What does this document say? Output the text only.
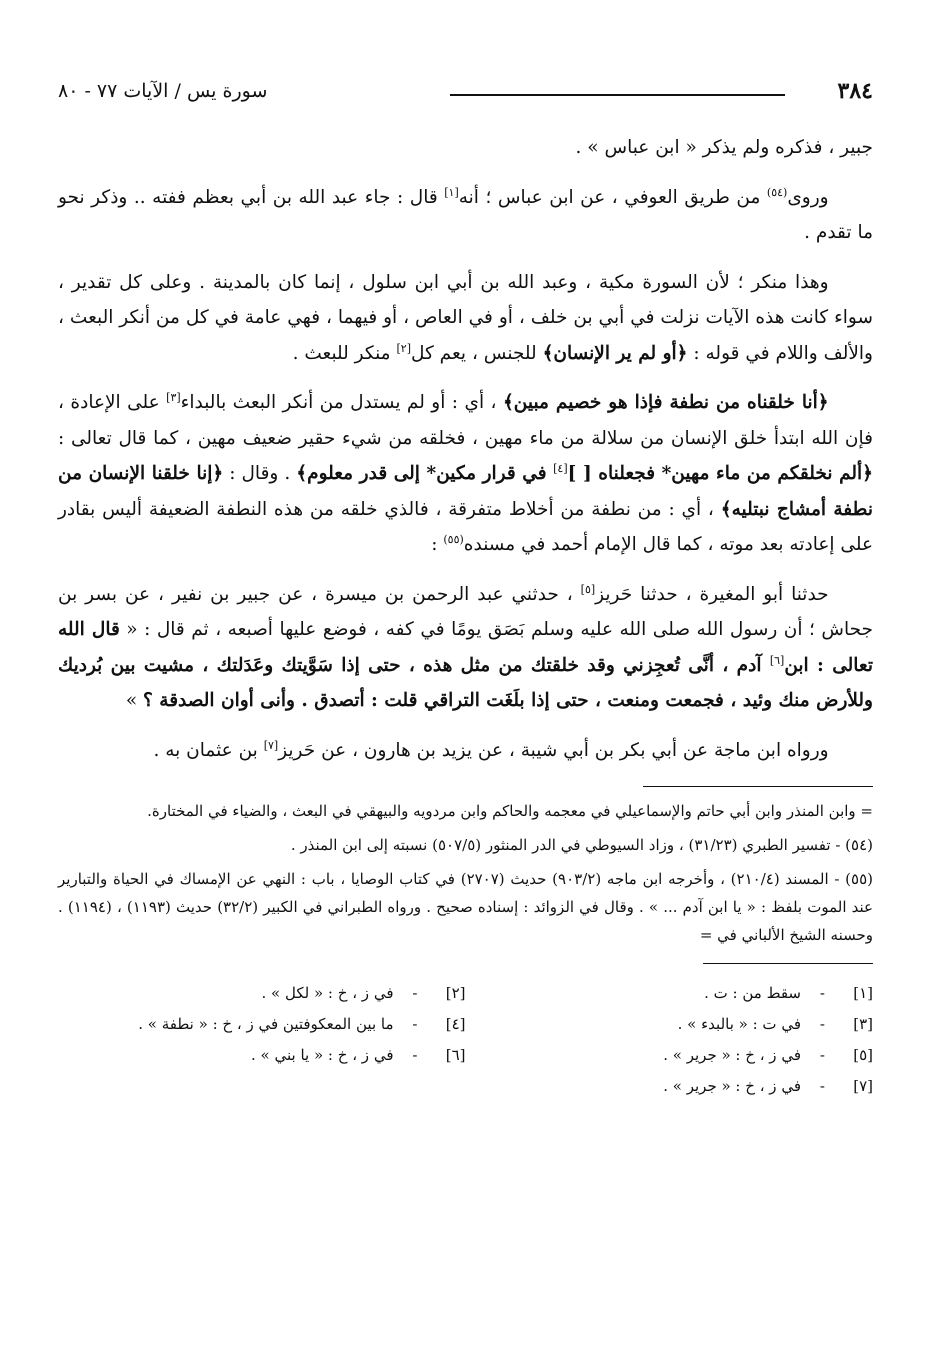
٣٨٤
سورة يس / الآيات ٧٧ - ٨٠

جبير ، فذكره ولم يذكر « ابن عباس » .

وروى$^{(٥٤)}$ من طريق العوفي ، عن ابن عباس ؛ أنه[١] قال : جاء عبد الله بن أبي بعظم ففته .. وذكر نحو ما تقدم .

وهذا منكر ؛ لأن السورة مكية ، وعبد الله بن أبي ابن سلول ، إنما كان بالمدينة . وعلى كل تقدير ، سواء كانت هذه الآيات نزلت في أبي بن خلف ، أو في العاص ، أو فيهما ، فهي عامة في كل من أنكر البعث ، والألف واللام في قوله : ﴿أو لم ير الإنسان﴾ للجنس ، يعم كل[٢] منكر للبعث .

﴿أنا خلقناه من نطفة فإذا هو خصيم مبين﴾ ، أي : أو لم يستدل من أنكر البعث بالبداء[٣] على الإعادة ، فإن الله ابتدأ خلق الإنسان من سلالة من ماء مهين ، فخلقه من شيء حقير ضعيف مهين ، كما قال تعالى : ﴿ألم نخلقكم من ماء مهين* فجعلناه [ ][٤] في قرار مكين* إلى قدر معلوم﴾ . وقال : ﴿إنا خلقنا الإنسان من نطفة أمشاج نبتليه﴾ ، أي : من نطفة من أخلاط متفرقة ، فالذي خلقه من هذه النطفة الضعيفة أليس بقادر على إعادته بعد موته ، كما قال الإمام أحمد في مسنده$^{(٥٥)}$ :

حدثنا أبو المغيرة ، حدثنا حَريز[٥] ، حدثني عبد الرحمن بن ميسرة ، عن جبير بن نفير ، عن بسر بن جحاش ؛ أن رسول الله صلى الله عليه وسلم بَصَق يومًا في كفه ، فوضع عليها أصبعه ، ثم قال : « قال الله تعالى : ابن[٦] آدم ، أنَّى تُعجِزني وقد خلقتك من مثل هذه ، حتى إذا سَوَّيتك وعَدَلتك ، مشيت بين بُرديك وللأرض منك وئيد ، فجمعت ومنعت ، حتى إذا بلَغَت التراقي قلت : أتصدق . وأنى أوان الصدقة ؟ »

ورواه ابن ماجة عن أبي بكر بن أبي شيبة ، عن يزيد بن هارون ، عن حَريز[٧] بن عثمان به .

= وابن المنذر وابن أبي حاتم والإسماعيلي في معجمه والحاكم وابن مردويه والبيهقي في البعث ، والضياء في المختارة.

(٥٤) - تفسير الطبري (٣١/٢٣) ، وزاد السيوطي في الدر المنثور (٥٠٧/٥) نسبته إلى ابن المنذر .

(٥٥) - المسند (٢١٠/٤) ، وأخرجه ابن ماجه (٩٠٣/٢) حديث (٢٧٠٧) في كتاب الوصايا ، باب : النهي عن الإمساك في الحياة والتبارير عند الموت بلفظ : « يا ابن آدم ... » . وقال في الزوائد : إسناده صحيح . ورواه الطبراني في الكبير (٣٢/٢) حديث (١١٩٣) ، (١١٩٤) . وحسنه الشيخ الألباني في =

[١]
-
سقط من : ت .
[٢]
-
في ز ، خ : « لكل » .
[٣]
-
في ت : « بالبدء » .
[٤]
-
ما بين المعكوفتين في ز ، خ : « نطفة » .
[٥]
-
في ز ، خ : « جرير » .
[٦]
-
في ز ، خ : « يا بني » .
[٧]
-
في ز ، خ : « جرير » .
